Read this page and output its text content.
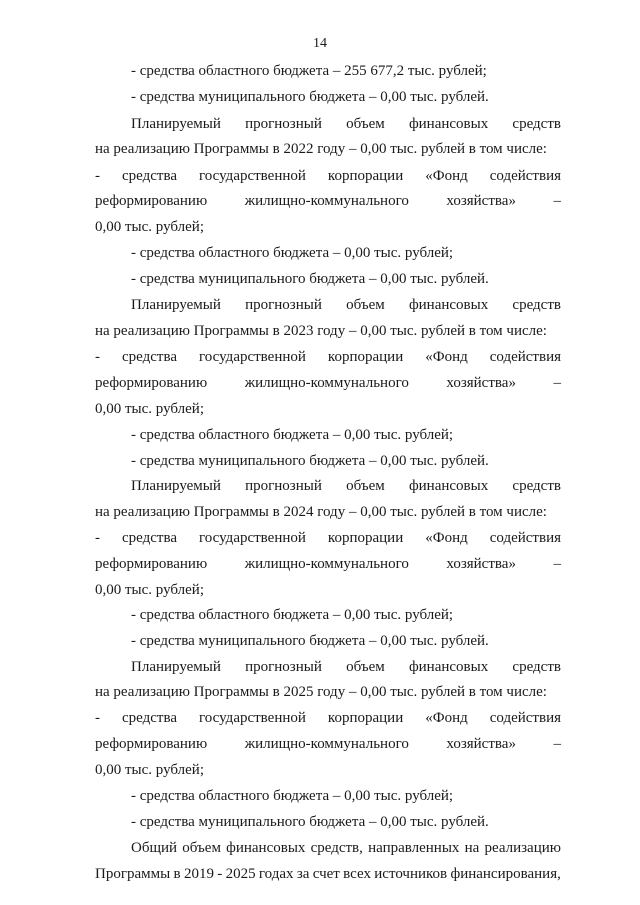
14
- средства областного бюджета – 255 677,2 тыс. рублей;
- средства муниципального бюджета – 0,00 тыс. рублей.
Планируемый прогнозный объем финансовых средств
на реализацию Программы в 2022 году – 0,00 тыс. рублей в том числе:
- средства государственной корпорации «Фонд содействия
реформированию	жилищно-коммунального	хозяйства»	–
0,00 тыс. рублей;
- средства областного бюджета – 0,00 тыс. рублей;
- средства муниципального бюджета – 0,00 тыс. рублей.
Планируемый прогнозный объем финансовых средств
на реализацию Программы в 2023 году – 0,00 тыс. рублей в том числе:
- средства государственной корпорации «Фонд содействия
реформированию	жилищно-коммунального	хозяйства»	–
0,00 тыс. рублей;
- средства областного бюджета – 0,00 тыс. рублей;
- средства муниципального бюджета – 0,00 тыс. рублей.
Планируемый прогнозный объем финансовых средств
на реализацию Программы в 2024 году – 0,00 тыс. рублей в том числе:
- средства государственной корпорации «Фонд содействия
реформированию	жилищно-коммунального	хозяйства»	–
0,00 тыс. рублей;
- средства областного бюджета – 0,00 тыс. рублей;
- средства муниципального бюджета – 0,00 тыс. рублей.
Планируемый прогнозный объем финансовых средств
на реализацию Программы в 2025 году – 0,00 тыс. рублей в том числе:
- средства государственной корпорации «Фонд содействия
реформированию	жилищно-коммунального	хозяйства»	–
0,00 тыс. рублей;
- средства областного бюджета – 0,00 тыс. рублей;
- средства муниципального бюджета – 0,00 тыс. рублей.
Общий объем финансовых средств, направленных на реализацию
Программы в 2019 - 2025 годах за счет всех источников финансирования,
